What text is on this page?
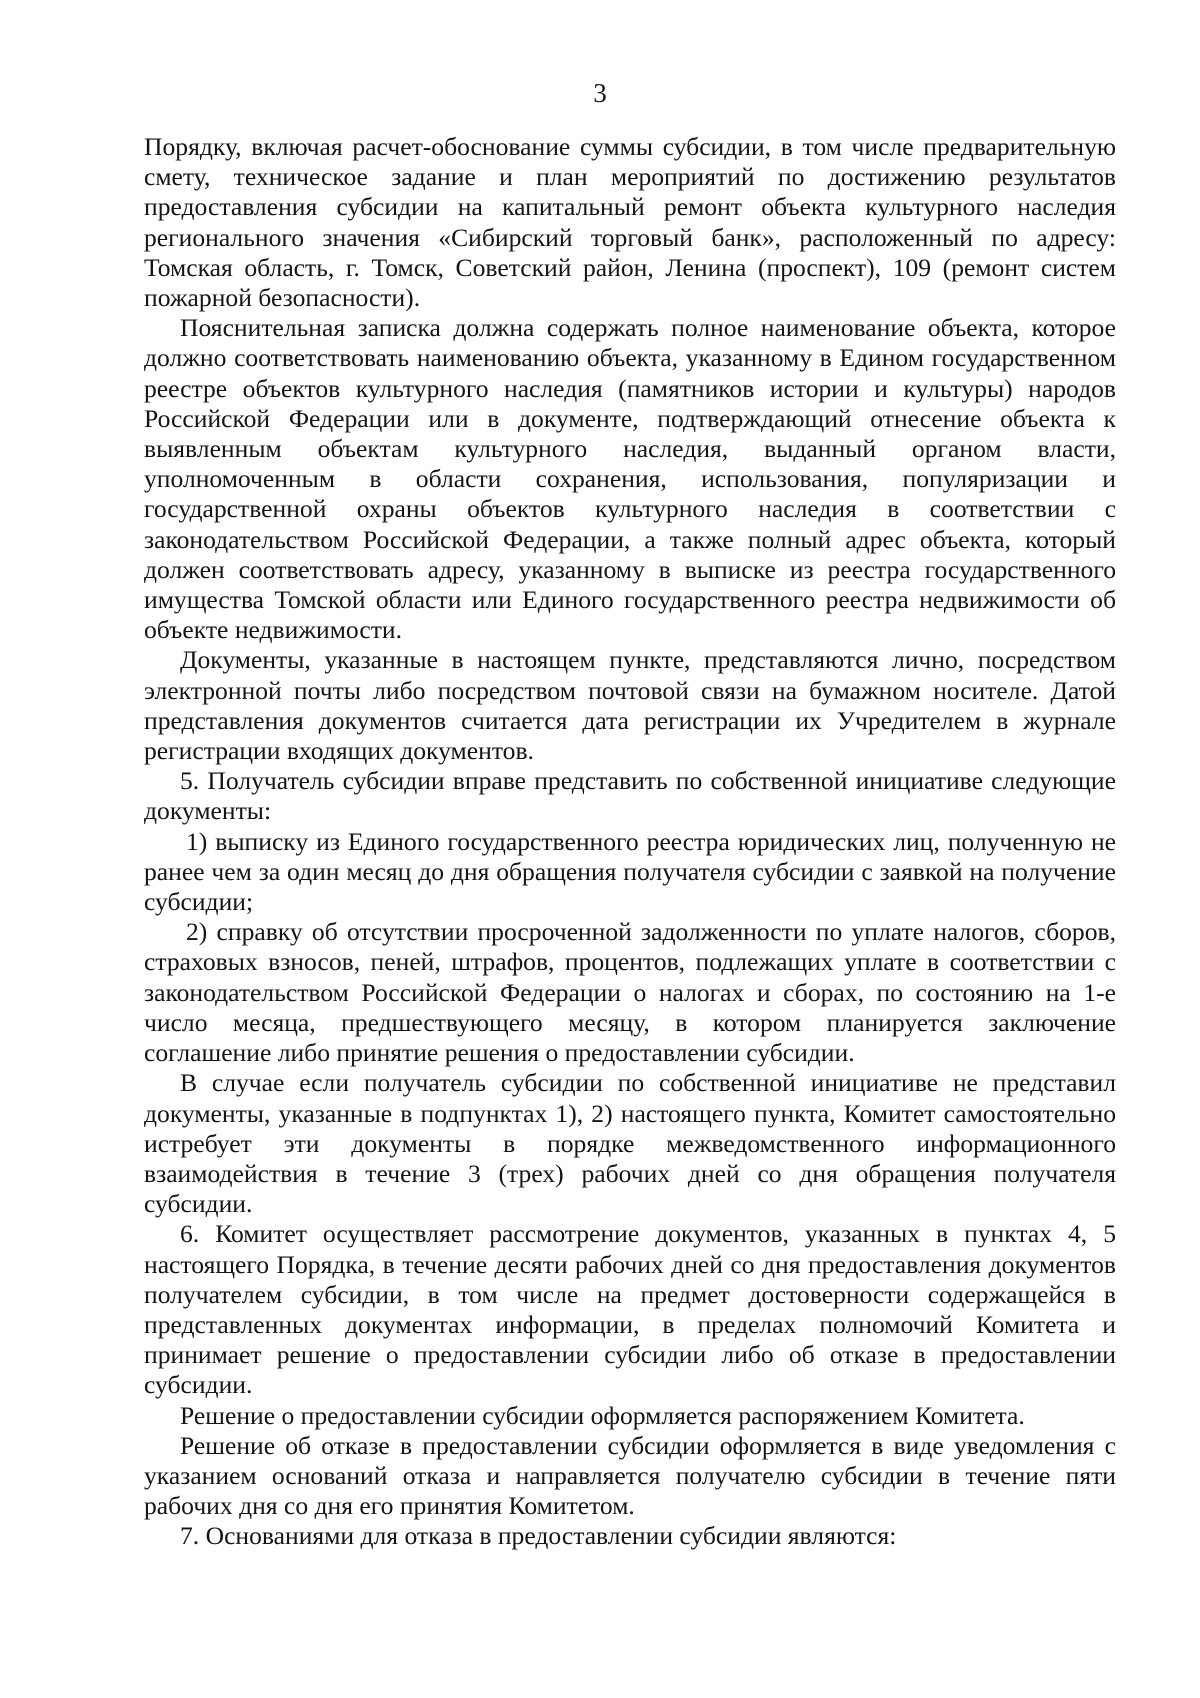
3

Порядку, включая расчет-обоснование суммы субсидии, в том числе предварительную смету, техническое задание и план мероприятий по достижению результатов предоставления субсидии на капитальный ремонт объекта культурного наследия регионального значения «Сибирский торговый банк», расположенный по адресу: Томская область, г. Томск, Советский район, Ленина (проспект), 109 (ремонт систем пожарной безопасности).

Пояснительная записка должна содержать полное наименование объекта, которое должно соответствовать наименованию объекта, указанному в Едином государственном реестре объектов культурного наследия (памятников истории и культуры) народов Российской Федерации или в документе, подтверждающий отнесение объекта к выявленным объектам культурного наследия, выданный органом власти, уполномоченным в области сохранения, использования, популяризации и государственной охраны объектов культурного наследия в соответствии с законодательством Российской Федерации, а также полный адрес объекта, который должен соответствовать адресу, указанному в выписке из реестра государственного имущества Томской области или Единого государственного реестра недвижимости об объекте недвижимости.

Документы, указанные в настоящем пункте, представляются лично, посредством электронной почты либо посредством почтовой связи на бумажном носителе. Датой представления документов считается дата регистрации их Учредителем в журнале регистрации входящих документов.

5. Получатель субсидии вправе представить по собственной инициативе следующие документы:

1) выписку из Единого государственного реестра юридических лиц, полученную не ранее чем за один месяц до дня обращения получателя субсидии с заявкой на получение субсидии;

2) справку об отсутствии просроченной задолженности по уплате налогов, сборов, страховых взносов, пеней, штрафов, процентов, подлежащих уплате в соответствии с законодательством Российской Федерации о налогах и сборах, по состоянию на 1-е число месяца, предшествующего месяцу, в котором планируется заключение соглашение либо принятие решения о предоставлении субсидии.

В случае если получатель субсидии по собственной инициативе не представил документы, указанные в подпунктах 1), 2) настоящего пункта, Комитет самостоятельно истребует эти документы в порядке межведомственного информационного взаимодействия в течение 3 (трех) рабочих дней со дня обращения получателя субсидии.

6. Комитет осуществляет рассмотрение документов, указанных в пунктах 4, 5 настоящего Порядка, в течение десяти рабочих дней со дня предоставления документов получателем субсидии, в том числе на предмет достоверности содержащейся в представленных документах информации, в пределах полномочий Комитета и принимает решение о предоставлении субсидии либо об отказе в предоставлении субсидии.

Решение о предоставлении субсидии оформляется распоряжением Комитета.

Решение об отказе в предоставлении субсидии оформляется в виде уведомления с указанием оснований отказа и направляется получателю субсидии в течение пяти рабочих дня со дня его принятия Комитетом.

7. Основаниями для отказа в предоставлении субсидии являются:
